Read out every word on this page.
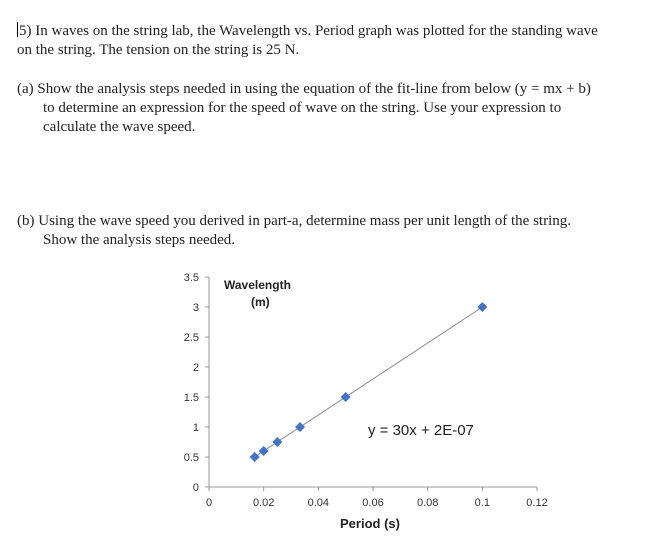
5) In waves on the string lab, the Wavelength vs. Period graph was plotted for the standing wave
on the string. The tension on the string is 25 N.
(a) Show the analysis steps needed in using the equation of the fit-line from below (y = mx + b)
to determine an expression for the speed of wave on the string. Use your expression to
calculate the wave speed.
(b) Using the wave speed you derived in part-a, determine mass per unit length of the string.
Show the analysis steps needed.
0
0.5
1
1.5
2
2.5
3
3.5
0	0.02	0.04	0.06	0.08	0.1	0.12
Wavelength
(m)
y = 30x + 2E-07
Period (s)
